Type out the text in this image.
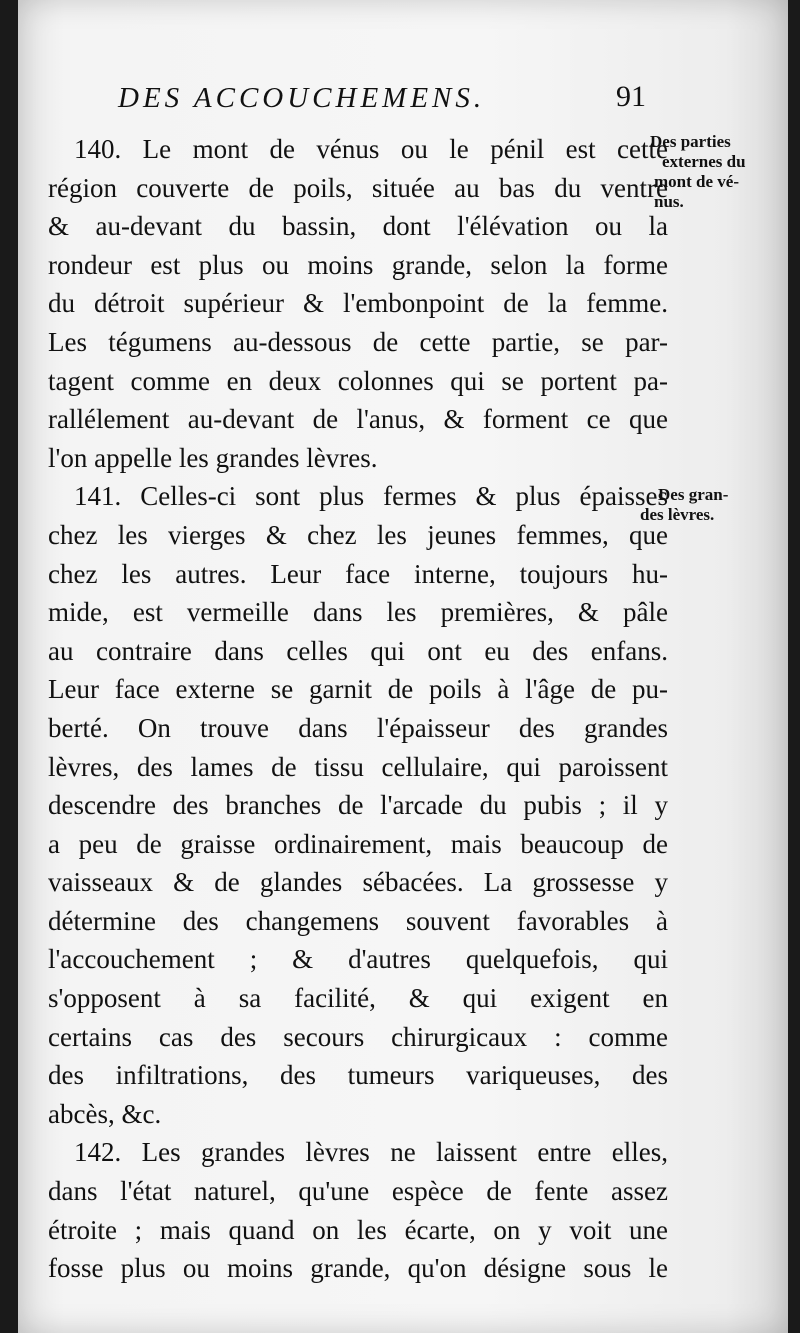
DES ACCOUCHEMENS.	91
140. Le mont de vénus ou le pénil est cette
région couverte de poils, située au bas du ventre
& au-devant du bassin, dont l'élévation ou la
rondeur est plus ou moins grande, selon la forme
du détroit supérieur & l'embonpoint de la femme.
Les tégumens au-dessous de cette partie, se par-
tagent comme en deux colonnes qui se portent pa-
rallélement au-devant de l'anus, & forment ce que
l'on appelle les grandes lèvres.
141. Celles-ci sont plus fermes & plus épaisses
chez les vierges & chez les jeunes femmes, que
chez les autres. Leur face interne, toujours hu-
mide, est vermeille dans les premières, & pâle
au contraire dans celles qui ont eu des enfans.
Leur face externe se garnit de poils à l'âge de pu-
berté. On trouve dans l'épaisseur des grandes
lèvres, des lames de tissu cellulaire, qui paroissent
descendre des branches de l'arcade du pubis ; il y
a peu de graisse ordinairement, mais beaucoup de
vaisseaux & de glandes sébacées. La grossesse y
détermine des changemens souvent favorables à
l'accouchement ; & d'autres quelquefois, qui
s'opposent à sa facilité, & qui exigent en
certains cas des secours chirurgicaux : comme
des infiltrations, des tumeurs variqueuses, des
abcès, &c.
142. Les grandes lèvres ne laissent entre elles,
dans l'état naturel, qu'une espèce de fente assez
étroite ; mais quand on les écarte, on y voit une
fosse plus ou moins grande, qu'on désigne sous le
Des parties
externes du
mont de vé-
nus.
Des gran-
des lèvres.
